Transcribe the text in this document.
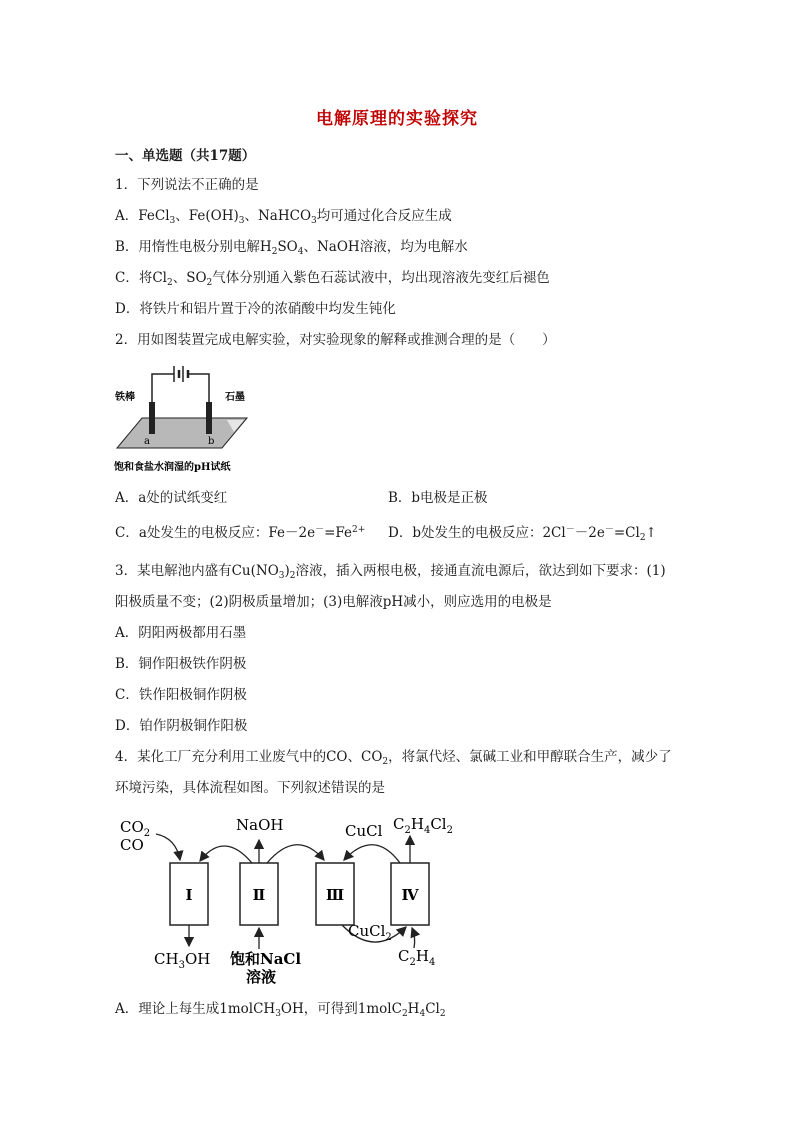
电解原理的实验探究
一、单选题（共17题）
1．下列说法不正确的是
A．FeCl$_3$、$Fe(OH)_3$、NaHCO$_3$均可通过化合反应生成
B．用惰性电极分别电解$H_2SO_4$、NaOH溶液，均为电解水
C．将$Cl_2$、$SO_2$气体分别通入紫色石蕊试液中，均出现溶液先变红后褪色
D．将铁片和铝片置于冷的浓硝酸中均发生钝化
2．用如图装置完成电解实验，对实验现象的解释或推测合理的是（　　）
铁棒	石墨
a	b
饱和食盐水润湿的pH试纸
A．a处的试纸变红	B．b电极是正极
C．a处发生的电极反应：$Fe-2e^-=Fe^{2+}$ D．b处发生的电极反应：$2Cl^--2e^-=Cl_2↑$
3．某电解池内盛有$Cu(NO_3)_2$溶液，插入两根电极，接通直流电源后，欲达到如下要求：(1)
阳极质量不变；(2)阴极质量增加；(3)电解液pH减小，则应选用的电极是
A．阴阳两极都用石墨
B．铜作阳极铁作阴极
C．铁作阳极铜作阴极
D．铂作阴极铜作阳极
4．某化工厂充分利用工业废气中的CO、$CO_2$，将氯代烃、氯碱工业和甲醇联合生产，减少了
环境污染，具体流程如图。下列叙述错误的是
Ⅰ	Ⅱ	Ⅲ	Ⅳ
$CO_2$
CO
NaOH	CuCl $C_2H_4Cl_2$
$CH_3OH$ 饱和NaCl
溶液
CuCl$_2$
$C_2H_4$
A．理论上每生成1molCH$_3$OH，可得到$1molC_2H_4Cl_2$
